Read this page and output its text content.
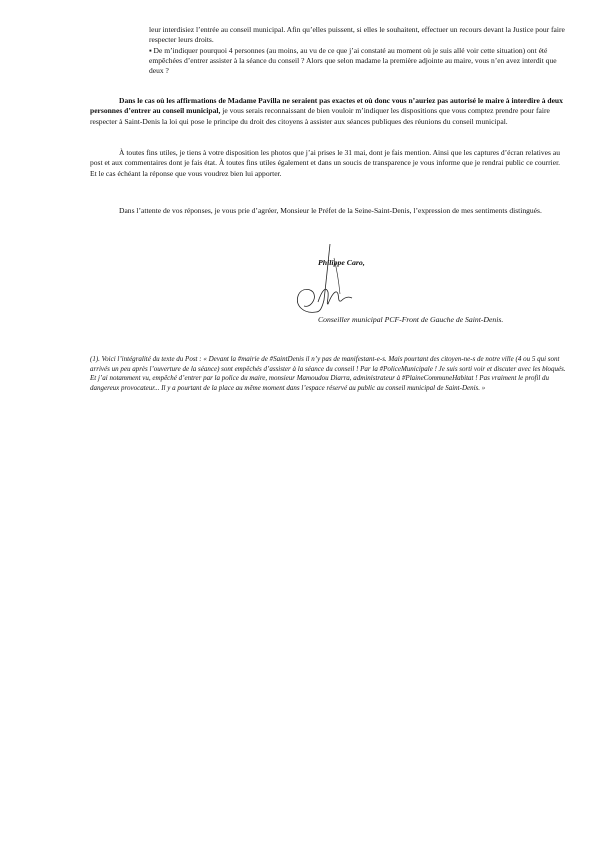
leur interdisiez l’entrée au conseil municipal. Afin qu’elles puissent, si elles le souhaitent, effectuer un recours devant la Justice pour faire respecter leurs droits.

▪ De m’indiquer pourquoi 4 personnes (au moins, au vu de ce que j’ai constaté au moment où je suis allé voir cette situation) ont été empêchées d’entrer assister à la séance du conseil ? Alors que selon madame la première adjointe au maire, vous n’en avez interdit que deux ?

Dans le cas où les affirmations de Madame Pavilla ne seraient pas exactes et où donc vous n’auriez pas autorisé le maire à interdire à deux personnes d’entrer au conseil municipal, je vous serais reconnaissant de bien vouloir m’indiquer les dispositions que vous comptez prendre pour faire respecter à Saint-Denis la loi qui pose le principe du droit des citoyens à assister aux séances publiques des réunions du conseil municipal.

À toutes fins utiles, je tiens à votre disposition les photos que j’ai prises le 31 mai, dont je fais mention. Ainsi que les captures d’écran relatives au post et aux commentaires dont je fais état. À toutes fins utiles également et dans un soucis de transparence je vous informe que je rendrai public ce courrier. Et le cas échéant la réponse que vous voudrez bien lui apporter.

Dans l’attente de vos réponses, je vous prie d’agréer, Monsieur le Préfet de la Seine-Saint-Denis, l’expression de mes sentiments distingués.

Philippe Caro,
Conseiller municipal PCF-Front de Gauche de Saint-Denis.

(1). Voici l’intégralité du texte du Post : « Devant la #mairie de #SaintDenis il n’y pas de manifestant-e-s. Mais pourtant des citoyen-ne-s de notre ville (4 ou 5 qui sont arrivés un peu après l’ouverture de la séance) sont empêchés d’assister à la séance du conseil ! Par la #PoliceMunicipale ! Je suis sorti voir et discuter avec les bloqués. Et j’ai notamment vu, empêché d’entrer par la police du maire, monsieur Mamoudou Diarra, administrateur à #PlaineCommuneHabitat ! Pas vraiment le profil du dangereux provocateur... Il y a pourtant de la place au même moment dans l’espace réservé au public au conseil municipal de Saint-Denis. »
